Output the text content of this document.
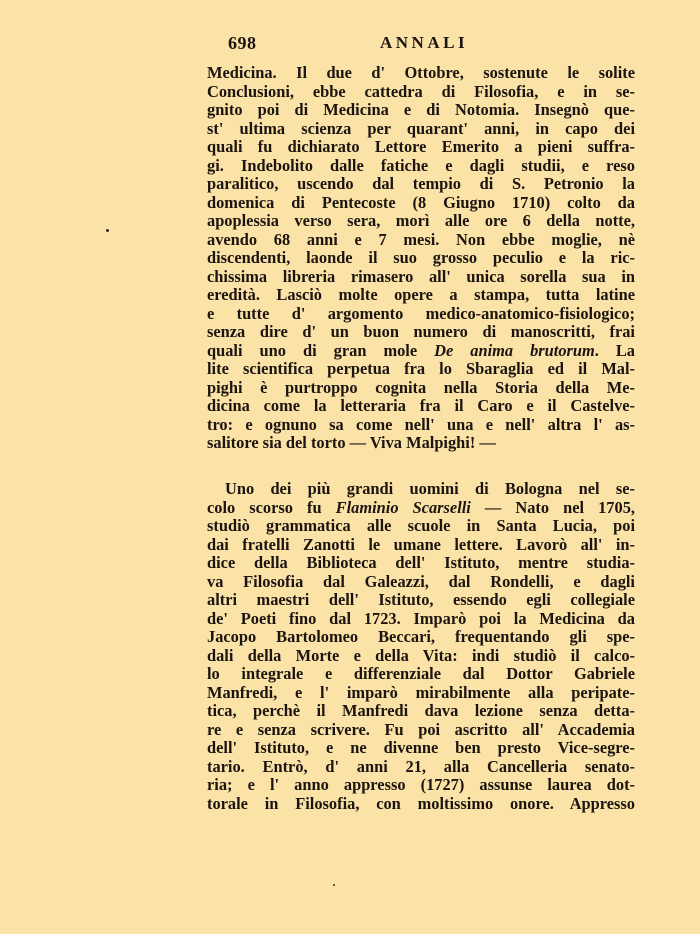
698	ANNALI
Medicina. Il due d' Ottobre, sostenute le solite
Conclusioni, ebbe cattedra di Filosofia, e in se-
gnito poi di Medicina e di Notomia. Insegnò que-
st' ultima scienza per quarant' anni, in capo dei
quali fu dichiarato Lettore Emerito a pieni suffra-
gi. Indebolito dalle fatiche e dagli studii, e reso
paralitico, uscendo dal tempio di S. Petronio la
domenica di Pentecoste (8 Giugno 1710) colto da
apoplessia verso sera, morì alle ore 6 della notte,
avendo 68 anni e 7 mesi. Non ebbe moglie, nè
discendenti, laonde il suo grosso peculio e la ric-
chissima libreria rimasero all' unica sorella sua in
eredità. Lasciò molte opere a stampa, tutta latine
e tutte d' argomento medico-anatomico-fisiologico;
senza dire d' un buon numero di manoscritti, frai
quali uno di gran mole De anima brutorum. La
lite scientifica perpetua fra lo Sbaraglia ed il Mal-
pighi è purtroppo cognita nella Storia della Me-
dicina come la letteraria fra il Caro e il Castelve-
tro: e ognuno sa come nell' una e nell' altra l' as-
salitore sia del torto — Viva Malpighi! —
Uno dei più grandi uomini di Bologna nel se-
colo scorso fu Flaminio Scarselli — Nato nel 1705,
studiò grammatica alle scuole in Santa Lucia, poi
dai fratelli Zanotti le umane lettere. Lavorò all' in-
dice della Biblioteca dell' Istituto, mentre studia-
va Filosofia dal Galeazzi, dal Rondelli, e dagli
altri maestri dell' Istituto, essendo egli collegiale
de' Poeti fino dal 1723. Imparò poi la Medicina da
Jacopo Bartolomeo Beccari, frequentando gli spe-
dali della Morte e della Vita: indi studiò il calco-
lo integrale e differenziale dal Dottor Gabriele
Manfredi, e l' imparò mirabilmente alla peripate-
tica, perchè il Manfredi dava lezione senza detta-
re e senza scrivere. Fu poi ascritto all' Accademia
dell' Istituto, e ne divenne ben presto Vice-segre-
tario. Entrò, d' anni 21, alla Cancelleria senato-
ria; e l' anno appresso (1727) assunse laurea dot-
torale in Filosofia, con moltissimo onore. Appresso
